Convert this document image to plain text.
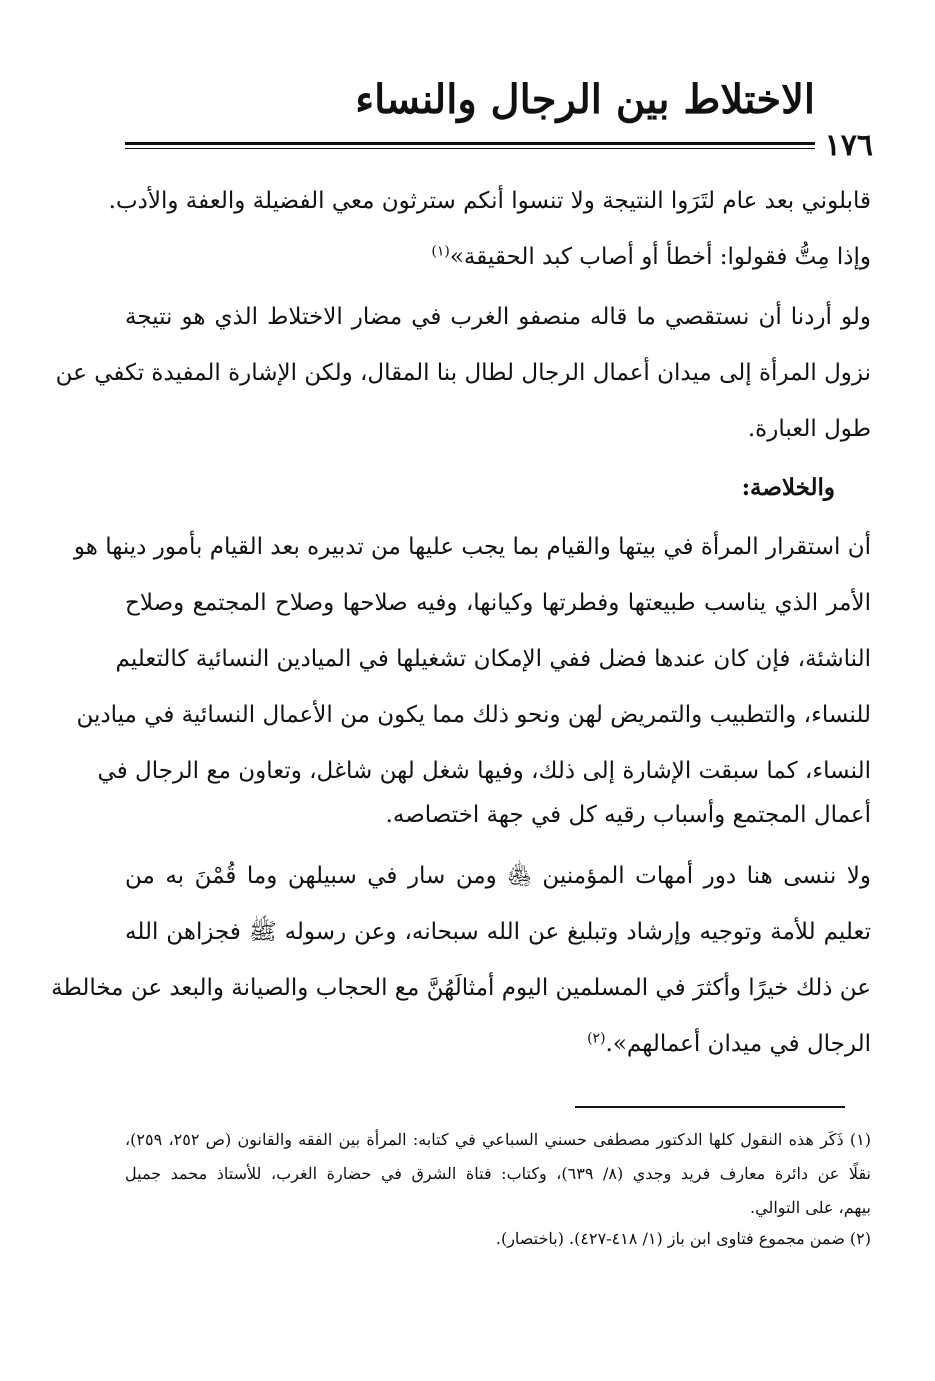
الاختلاط بين الرجال والنساء
١٧٦
قابلوني بعد عام لتَرَوا النتيجة ولا تنسوا أنكم سترثون معي الفضيلة والعفة والأدب.
وإذا مِتُّ فقولوا: أخطأ أو أصاب كبد الحقيقة»$^{(١)}$
ولو أردنا أن نستقصي ما قاله منصفو الغرب في مضار الاختلاط الذي هو نتيجة
نزول المرأة إلى ميدان أعمال الرجال لطال بنا المقال، ولكن الإشارة المفيدة تكفي عن
طول العبارة.
والخلاصة:
أن استقرار المرأة في بيتها والقيام بما يجب عليها من تدبيره بعد القيام بأمور دينها هو
الأمر الذي يناسب طبيعتها وفطرتها وكيانها، وفيه صلاحها وصلاح المجتمع وصلاح
الناشئة، فإن كان عندها فضل ففي الإمكان تشغيلها في الميادين النسائية كالتعليم
للنساء، والتطبيب والتمريض لهن ونحو ذلك مما يكون من الأعمال النسائية في ميادين
النساء، كما سبقت الإشارة إلى ذلك، وفيها شغل لهن شاغل، وتعاون مع الرجال في
أعمال المجتمع وأسباب رقيه كل في جهة اختصاصه.
ولا ننسى هنا دور أمهات المؤمنين ﵅ ومن سار في سبيلهن وما قُمْنَ به من
تعليم للأمة وتوجيه وإرشاد وتبليغ عن الله سبحانه، وعن رسوله ﷺ فجزاهن الله
عن ذلك خيرًا وأكثرَ في المسلمين اليوم أمثالَهُنَّ مع الحجاب والصيانة والبعد عن مخالطة
الرجال في ميدان أعمالهم».$^{(٢)}$
(١) ذَكَر هذه النقول كلها الدكتور مصطفى حسني السباعي في كتابه: المرأة بين الفقه والقانون (ص ٢٥٢، ٢٥٩)،
نقلًا عن دائرة معارف فريد وجدي (٨/ ٦٣٩)، وكتاب: فتاة الشرق في حضارة الغرب، للأستاذ محمد جميل
بيهم، على التوالي.
(٢) ضمن مجموع فتاوى ابن باز (١/ ٤١٨-٤٢٧). (باختصار).
